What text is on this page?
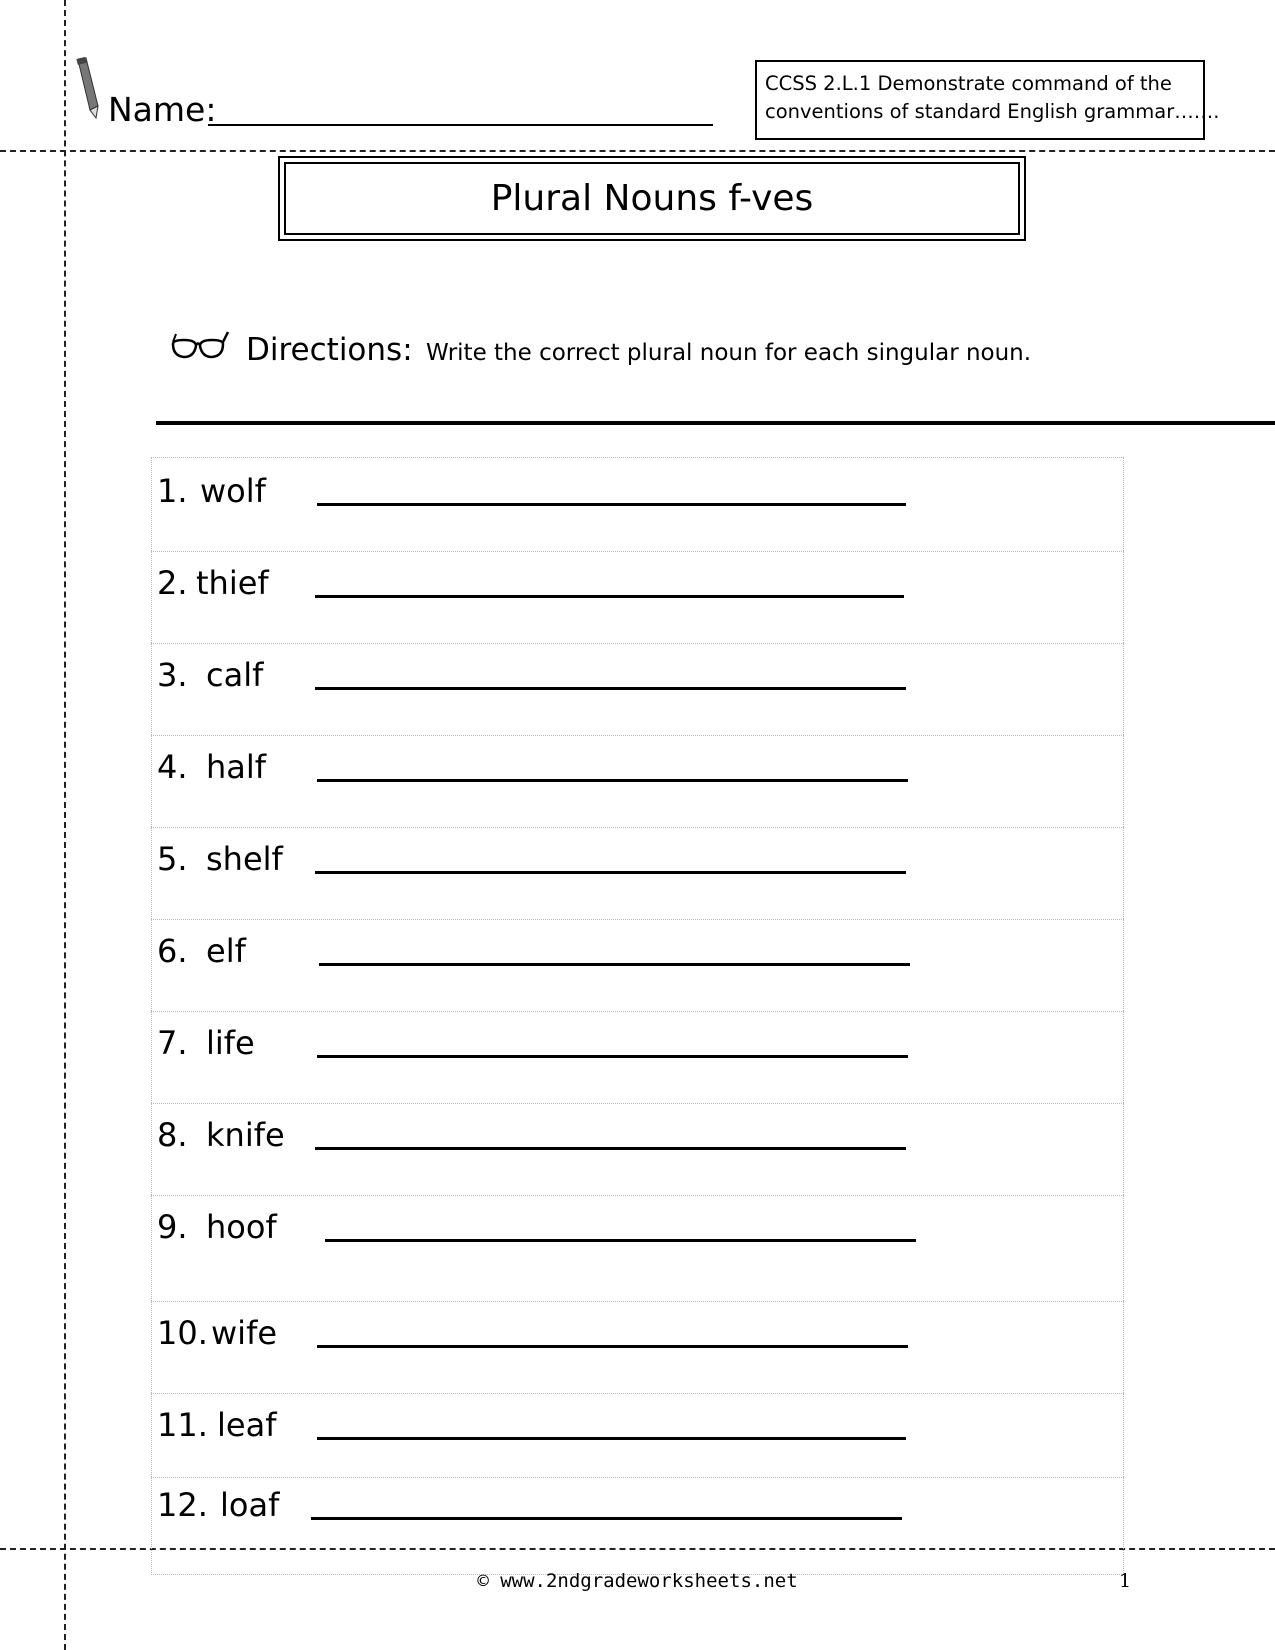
Name:
CCSS 2.L.1 Demonstrate command of the
conventions of standard English grammar…….
Plural Nouns f-ves
Directions: Write the correct plural noun for each singular noun.
1. wolf
2. thief
3. calf
4. half
5. shelf
6. elf
7. life
8. knife
9. hoof
10. wife
11. leaf
12. loaf
© www.2ndgradeworksheets.net	1
